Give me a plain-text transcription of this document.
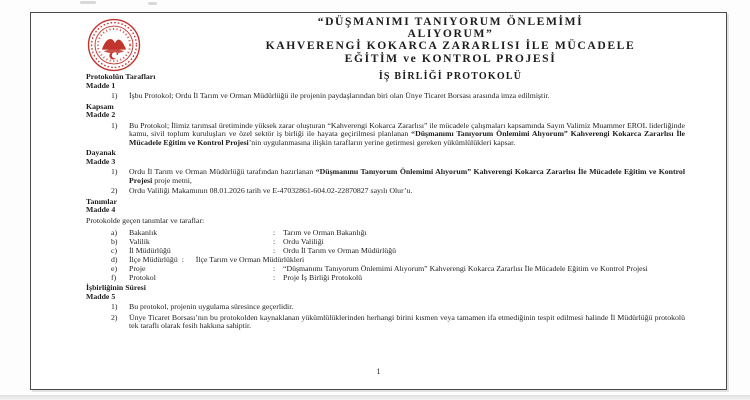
“DÜŞMANIMI TANIYORUM ÖNLEMİMİ
ALIYORUM”
KAHVERENGİ KOKARCA ZARARLISI İLE MÜCADELE
EĞİTİM ve KONTROL PROJESİ
İŞ BİRLİĞİ PROTOKOLÜ
Protokolün Tarafları
Madde 1
1)	İşbu Protokol; Ordu İl Tarım ve Orman Müdürlüğü ile projenin paydaşlarından biri olan Ünye Ticaret Borsası arasında imza edilmiştir.
Kapsam
Madde 2
1)	Bu Protokol; İlimiz tarımsal üretiminde yüksek zarar oluşturan “Kahverengi Kokarca Zararlısı” ile mücadele çalışmaları kapsamında Sayın Valimiz Muammer EROL liderliğinde kamu, sivil toplum kuruluşları ve özel sektör iş birliği ile hayata geçirilmesi planlanan “Düşmanımı Tanıyorum Önlemimi Alıyorum” Kahverengi Kokarca Zararlısı İle Mücadele Eğitim ve Kontrol Projesi’nin uygulanmasına ilişkin tarafların yerine getirmesi gereken yükümlülükleri kapsar.
Dayanak
Madde 3
1)	Ordu İl Tarım ve Orman Müdürlüğü tarafından hazırlanan “Düşmanımı Tanıyorum Önlemimi Alıyorum” Kahverengi Kokarca Zararlısı İle Mücadele Eğitim ve Kontrol Projesi proje metni,
2)	Ordu Valiliği Makamının 08.01.2026 tarih ve E-47032861-604.02-22870827 sayılı Olur’u.
Tanımlar
Madde 4
Protokolde geçen tanımlar ve taraflar:
a)	Bakanlık	:	Tarım ve Orman Bakanlığı
b)	Valilik	:	Ordu Valiliği
c)	İl Müdürlüğü	:	Ordu İl Tarım ve Orman Müdürlüğü
d)	İlçe Müdürlüğü :	İlçe Tarım ve Orman Müdürlükleri
e)	Proje	:	“Düşmanımı Tanıyorum Önlemimi Alıyorum” Kahverengi Kokarca Zararlısı İle Mücadele Eğitim ve Kontrol Projesi
f)	Protokol	:	Proje İş Birliği Protokolü
İşbirliğinin Süresi
Madde 5
1)	Bu protokol, projenin uygulama süresince geçerlidir.
2)	Ünye Ticaret Borsası’nın bu protokolden kaynaklanan yükümlülüklerinden herhangi birini kısmen veya tamamen ifa etmediğinin tespit edilmesi halinde İl Müdürlüğü protokolü tek taraflı olarak fesih hakkına sahiptir.
1
